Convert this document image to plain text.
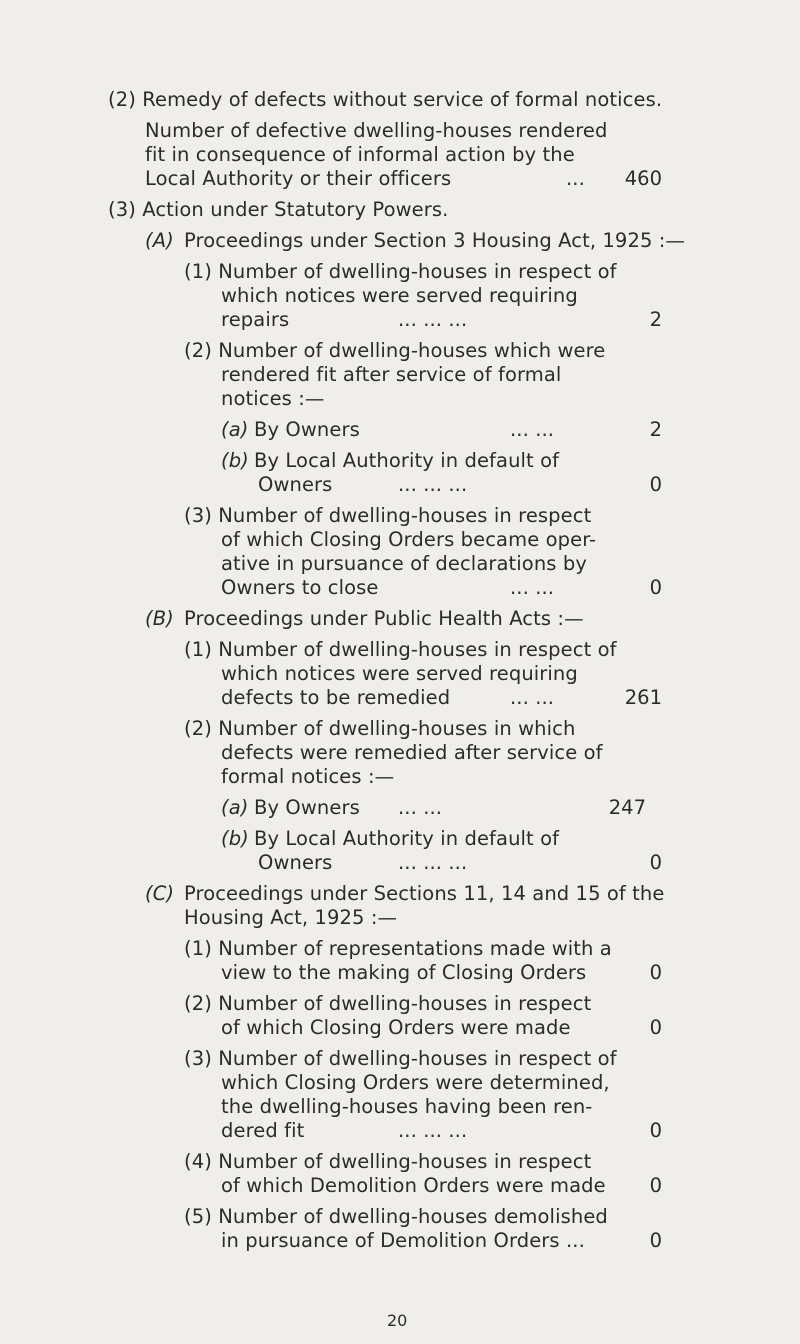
(2) Remedy of defects without service of formal notices.
Number of defective dwelling-houses rendered
fit in consequence of informal action by the
Local Authority or their officers	...	460
(3) Action under Statutory Powers.
(A) Proceedings under Section 3 Housing Act, 1925 :—
(1) Number of dwelling-houses in respect of
which notices were served requiring
repairs	... ... ...	2
(2) Number of dwelling-houses which were
rendered fit after service of formal
notices :—
(a) By Owners	... ...	2
(b) By Local Authority in default of
Owners	... ... ...	0
(3) Number of dwelling-houses in respect
of which Closing Orders became oper-
ative in pursuance of declarations by
Owners to close	... ...	0
(B) Proceedings under Public Health Acts :—
(1) Number of dwelling-houses in respect of
which notices were served requiring
defects to be remedied	... ...	261
(2) Number of dwelling-houses in which
defects were remedied after service of
formal notices :—
(a) By Owners ... ...	247
(b) By Local Authority in default of
Owners	... ... ...	0
(C) Proceedings under Sections 11, 14 and 15 of the
Housing Act, 1925 :—
(1) Number of representations made with a
view to the making of Closing Orders	0
(2) Number of dwelling-houses in respect
of which Closing Orders were made	0
(3) Number of dwelling-houses in respect of
which Closing Orders were determined,
the dwelling-houses having been ren-
dered fit	... ... ...	0
(4) Number of dwelling-houses in respect
of which Demolition Orders were made	0
(5) Number of dwelling-houses demolished
in pursuance of Demolition Orders ...	0
20
